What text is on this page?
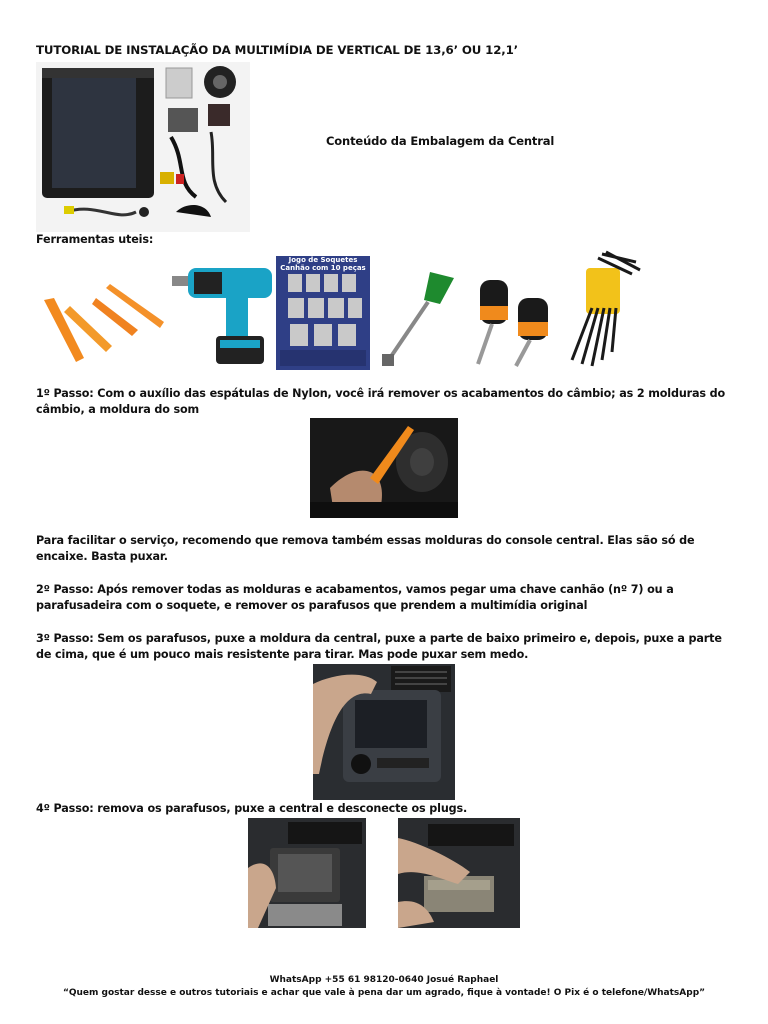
TUTORIAL DE INSTALAÇÃO DA MULTIMÍDIA DE VERTICAL DE 13,6’ OU 12,1’
Conteúdo da Embalagem da Central
Ferramentas uteis:
Jogo de Soquetes Canhão com 10 peças
1º Passo: Com o auxílio das espátulas de Nylon, você irá remover os acabamentos do câmbio; as 2 molduras do câmbio, a moldura do som
Para facilitar o serviço, recomendo que remova também essas molduras do console central. Elas são só de encaixe. Basta puxar.
2º Passo: Após remover todas as molduras e acabamentos, vamos pegar uma chave canhão (nº 7) ou a parafusadeira com o soquete, e remover os parafusos que prendem a multimídia original
3º Passo: Sem os parafusos, puxe a moldura da central, puxe a parte de baixo primeiro e, depois, puxe a parte de cima, que é um pouco mais resistente para tirar. Mas pode puxar sem medo.
4º Passo: remova os parafusos, puxe a central e desconecte os plugs.
WhatsApp +55 61 98120-0640 Josué Raphael
“Quem gostar desse e outros tutoriais e achar que vale à pena dar um agrado, fique à vontade! O Pix é o telefone/WhatsApp”
